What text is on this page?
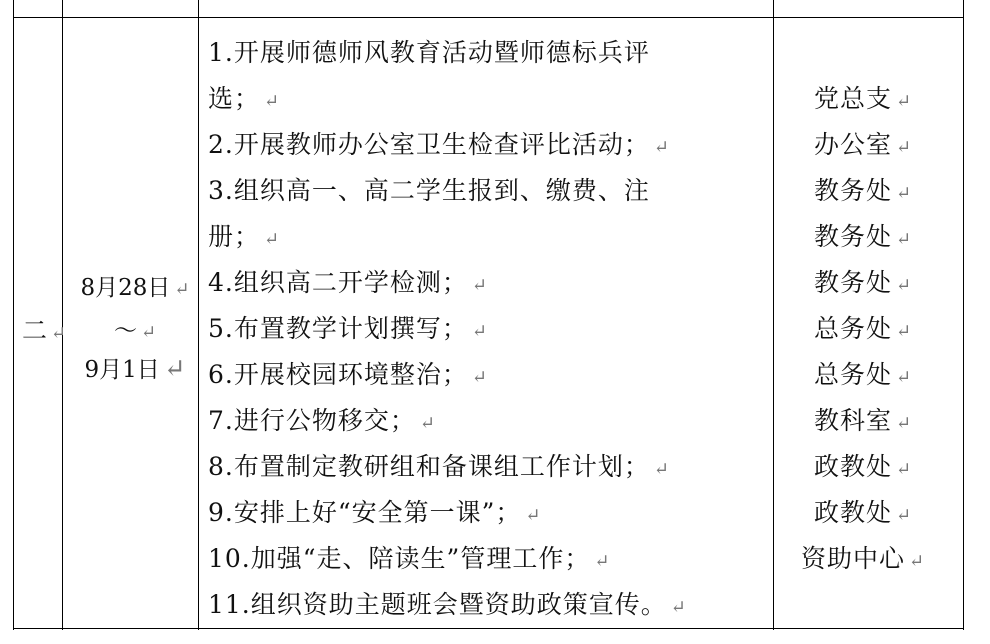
二 ↵
8月28日 ↵
～ ↵
9月1日 ↵
1.开展师德师风教育活动暨师德标兵评
选； ↵
2.开展教师办公室卫生检查评比活动； ↵
3.组织高一、高二学生报到、缴费、注
册； ↵
4.组织高二开学检测； ↵
5.布置教学计划撰写； ↵
6.开展校园环境整治； ↵
7.进行公物移交； ↵
8.布置制定教研组和备课组工作计划； ↵
9.安排上好“安全第一课”； ↵
10.加强“走、陪读生”管理工作； ↵
11.组织资助主题班会暨资助政策宣传。 ↵
党总支 ↵
办公室 ↵
教务处 ↵
教务处 ↵
教务处 ↵
总务处 ↵
总务处 ↵
教科室 ↵
政教处 ↵
政教处 ↵
资助中心 ↵
